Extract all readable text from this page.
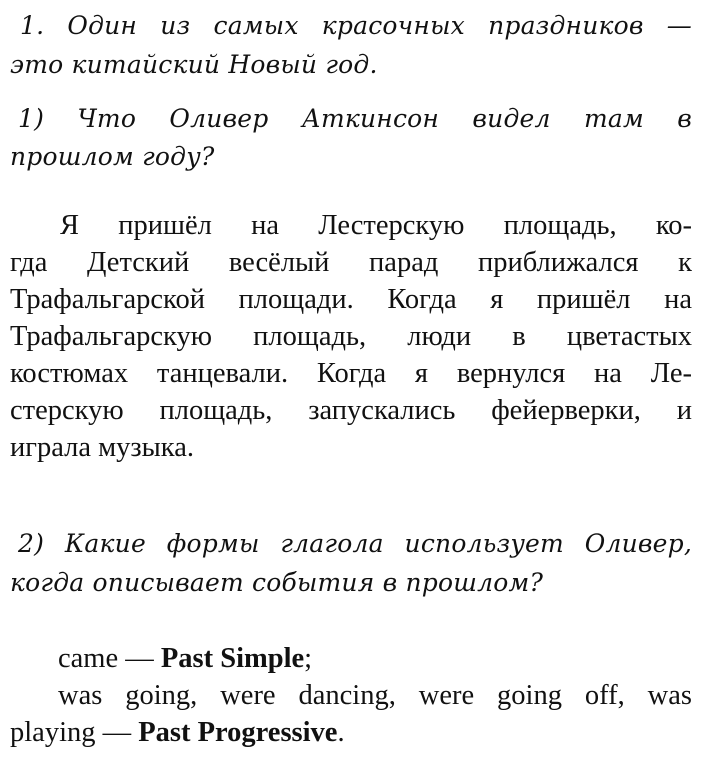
1. Один из самых красочных праздников —
это китайский Новый год.
1) Что Оливер Аткинсон видел там в
прошлом году?
Я пришёл на Лестерскую площадь, ко-
гда Детский весёлый парад приближался к
Трафальгарской площади. Когда я пришёл на
Трафальгарскую площадь, люди в цветастых
костюмах танцевали. Когда я вернулся на Ле-
стерскую площадь, запускались фейерверки, и
играла музыка.
2) Какие формы глагола использует Оливер,
когда описывает события в прошлом?
came — Past Simple;
was going, were dancing, were going off, was
playing — Past Progressive.
